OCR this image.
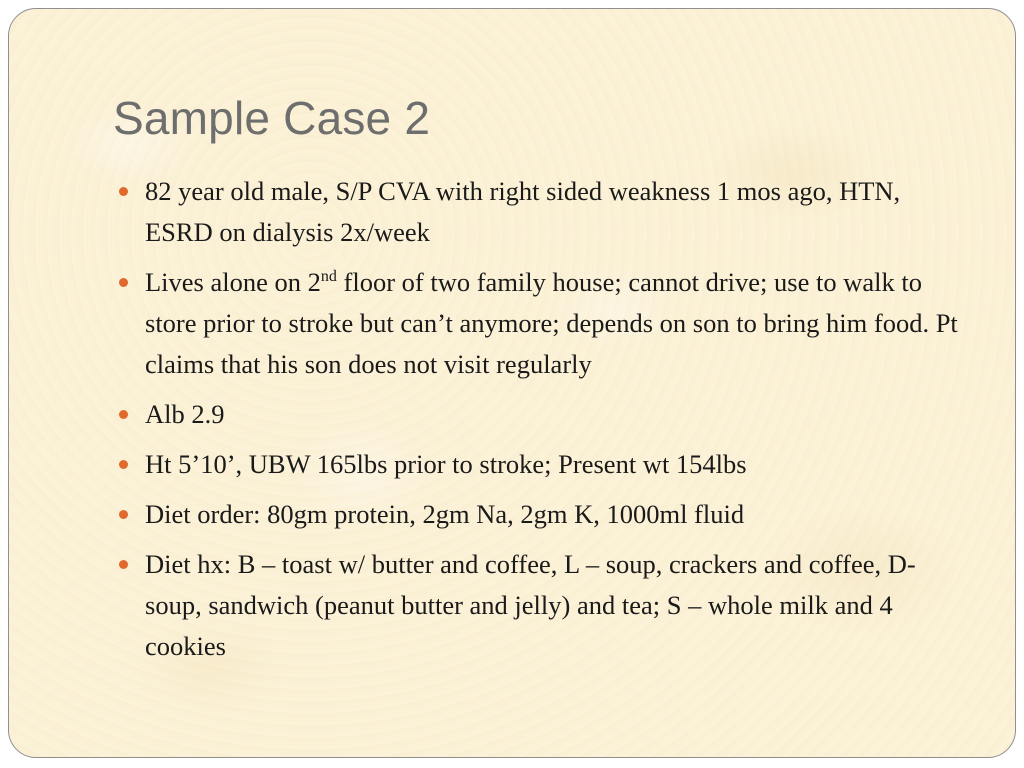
Sample Case 2
82 year old male, S/P CVA with right sided weakness 1 mos ago, HTN, ESRD on dialysis 2x/week
Lives alone on 2nd floor of two family house; cannot drive; use to walk to store prior to stroke but can’t anymore; depends on son to bring him food. Pt claims that his son does not visit regularly
Alb 2.9
Ht 5’10’, UBW 165lbs prior to stroke; Present wt 154lbs
Diet order: 80gm protein, 2gm Na, 2gm K, 1000ml fluid
Diet hx: B – toast w/ butter and coffee, L – soup, crackers and coffee, D-soup, sandwich (peanut butter and jelly) and tea; S – whole milk and 4 cookies
